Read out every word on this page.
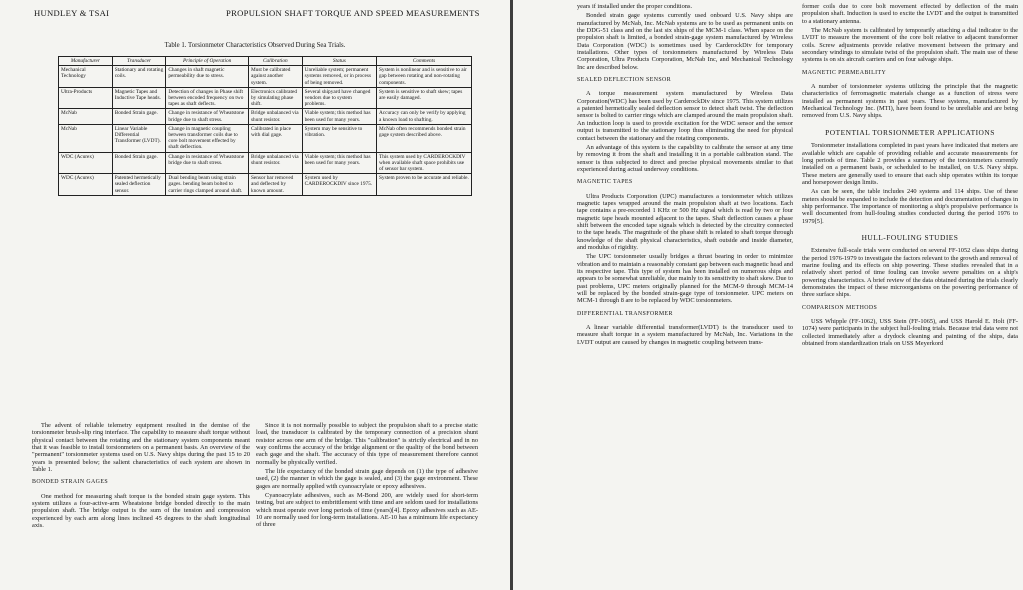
HUNDLEY & TSAI	PROPULSION SHAFT TORQUE AND SPEED MEASUREMENTS
Table 1. Torsionmeter Characteristics Observed During Sea Trials.
Manufacturer	Transducer	Principle of Operation	Calibration	Status	Comments
Mechanical Technology	Stationary and rotating coils.	Changes in shaft magnetic permeability due to stress.	Must be calibrated against another system.	Unreliable system; permanent systems removed, or in process of being removed.	System is nonlinear and is sensitive to air gap between rotating and non-rotating components.
Ultra-Products	Magnetic Tapes and Inductive Tape heads.	Detection of changes in Phase shift between encoded frequency on two tapes as shaft deflects.	Electronics calibrated by simulating phase shift.	Several shipyard have changed vendors due to system problems.	System is sensitive to shaft skew; tapes are easily damaged.
McNab	Bonded Strain gage.	Change in resistance of Wheatstone bridge due to shaft stress.	Bridge unbalanced via shunt resistor.	Viable system; this method has been used for many years.	Accuracy can only be verify by applying a known load to shafting.
McNab	Linear Variable Differential Transformer (LVDT).	Change in magnetic coupling between transformer coils due to core bolt movement effected by shaft deflection.	Calibrated in place with dial gage.	System may be sensitive to vibration.	McNab often recommends bonded strain gage system described above.
WDC (Acurex)	Bonded Strain gage.	Change in resistance of Wheatstone bridge due to shaft stress.	Bridge unbalanced via shunt resistor.	Viable system; this method has been used for many years.	This system used by CARDEROCKDIV when available shaft space prohibits use of sensor bar system.
WDC (Acurex)	Patented hermetically sealed deflection sensor.	Dual bending beam using strain gages. bending beam bolted to carrier rings clamped around shaft.	Sensor bar removed and deflected by known amount.	System used by CARDEROCKDIV since 1975.	System proven to be accurate and reliable.

The advent of reliable telemetry equipment resulted in the demise of the torsionmeter brush-slip ring interface. The capability to measure shaft torque without physical contact between the rotating and the stationary system components meant that it was feasible to install torsionmeters on a permanent basis. An overview of the "permanent" torsionmeter systems used on U.S. Navy ships during the past 15 to 20 years is presented below; the salient characteristics of each system are shown in Table 1.

BONDED STRAIN GAGES

One method for measuring shaft torque is the bonded strain gage system. This system utilizes a four-active-arm Wheatstone bridge bonded directly to the main propulsion shaft. The bridge output is the sum of the tension and compression experienced by each arm along lines inclined 45 degrees to the shaft longitudinal axis.

Since it is not normally possible to subject the propulsion shaft to a precise static load, the transducer is calibrated by the temporary connection of a precision shunt resistor across one arm of the bridge. This "calibration" is strictly electrical and in no way confirms the accuracy of the bridge alignment or the quality of the bond between each gage and the shaft. The accuracy of this type of measurement therefore cannot normally be physically verified.

The life expectancy of the bonded strain gage depends on (1) the type of adhesive used, (2) the manner in which the gage is sealed, and (3) the gage environment. These gages are normally applied with cyanoacrylate or epoxy adhesives.

Cyanoacrylate adhesives, such as M-Bond 200, are widely used for short-term testing, but are subject to embrittlement with time and are seldom used for installations which must operate over long periods of time (years)[4]. Epoxy adhesives such as AE-10 are normally used for long-term installations. AE-10 has a minimum life expectancy of three

years if installed under the proper conditions.

Bonded strain gage systems currently used onboard U.S. Navy ships are manufactured by McNab, Inc. McNab systems are to be used as permanent units on the DDG-51 class and on the last six ships of the MCM-1 class. When space on the propulsion shaft is limited, a bonded strain-gage system manufactured by Wireless Data Corporation (WDC) is sometimes used by CarderockDiv for temporary installations. Other types of torsionmeters manufactured by Wireless Data Corporation, Ultra Products Corporation, McNab Inc, and Mechanical Technology Inc are described below.

SEALED DEFLECTION SENSOR

A torque measurement system manufactured by Wireless Data Corporation(WDC) has been used by CarderockDiv since 1975. This system utilizes a patented hermetically sealed deflection sensor to detect shaft twist. The deflection sensor is bolted to carrier rings which are clamped around the main propulsion shaft. An induction loop is used to provide excitation for the WDC sensor and the sensor output is transmitted to the stationary loop thus eliminating the need for physical contact between the stationary and the rotating components.

An advantage of this system is the capability to calibrate the sensor at any time by removing it from the shaft and installing it in a portable calibration stand. The sensor is thus subjected to direct and precise physical movements similar to that experienced during actual underway conditions.

MAGNETIC TAPES

Ultra Products Corporation (UPC) manufactures a torsionmeter which utilizes magnetic tapes wrapped around the main propulsion shaft at two locations. Each tape contains a pre-recorded 1 KHz or 500 Hz signal which is read by two or four magnetic tape heads mounted adjacent to the tapes. Shaft deflection causes a phase shift between the encoded tape signals which is detected by the circuitry connected to the tape heads. The magnitude of the phase shift is related to shaft torque through knowledge of the shaft physical characteristics, shaft outside and inside diameter, and modulus of rigidity.

The UPC torsionmeter usually bridges a thrust bearing in order to minimize vibration and to maintain a reasonably constant gap between each magnetic head and its respective tape. This type of system has been installed on numerous ships and appears to be somewhat unreliable, due mainly to its sensitivity to shaft skew. Due to past problems, UPC meters originally planned for the MCM-9 through MCM-14 will be replaced by the bonded strain-gage type of torsionmeter. UPC meters on MCM-1 through 8 are to be replaced by WDC torsionmeters.

DIFFERENTIAL TRANSFORMER

A linear variable differential transformer(LVDT) is the transducer used to measure shaft torque in a system manufactured by McNab, Inc. Variations in the LVDT output are caused by changes in magnetic coupling between trans-

former coils due to core bolt movement effected by deflection of the main propulsion shaft. Induction is used to excite the LVDT and the output is transmitted to a stationary antenna.

The McNab system is calibrated by temporarily attaching a dial indicator to the LVDT to measure the movement of the core bolt relative to adjacent transformer coils. Screw adjustments provide relative movement between the primary and secondary windings to simulate twist of the propulsion shaft. The main use of these systems is on six aircraft carriers and on four salvage ships.

MAGNETIC PERMEABILITY

A number of torsionmeter systems utilizing the principle that the magnetic characteristics of ferromagnetic materials change as a function of stress were installed as permanent systems in past years. These systems, manufactured by Mechanical Technology Inc. (MTI), have been found to be unreliable and are being removed from U.S. Navy ships.

POTENTIAL TORSIONMETER APPLICATIONS

Torsionmeter installations completed in past years have indicated that meters are available which are capable of providing reliable and accurate measurements for long periods of time. Table 2 provides a summary of the torsionmeters currently installed on a permanent basis, or scheduled to be installed, on U.S. Navy ships. These meters are generally used to ensure that each ship operates within its torque and horsepower design limits.

As can be seen, the table includes 240 systems and 114 ships. Use of these meters should be expanded to include the detection and documentation of changes in ship performance. The importance of monitoring a ship's propulsive performance is well documented from hull-fouling studies conducted during the period 1976 to 1979[5].

HULL-FOULING STUDIES

Extensive full-scale trials were conducted on several FF-1052 class ships during the period 1976-1979 to investigate the factors relevant to the growth and removal of marine fouling and its effects on ship powering. These studies revealed that in a relatively short period of time fouling can invoke severe penalties on a ship's powering characteristics. A brief review of the data obtained during the trials clearly demonstrates the impact of these microorganisms on the powering performance of three surface ships.

COMPARISON METHODS

USS Whipple (FF-1062), USS Stein (FF-1065), and USS Harold E. Holt (FF-1074) were participants in the subject hull-fouling trials. Because trial data were not collected immediately after a drydock cleaning and painting of the ships, data obtained from standardization trials on USS Meyerkord
